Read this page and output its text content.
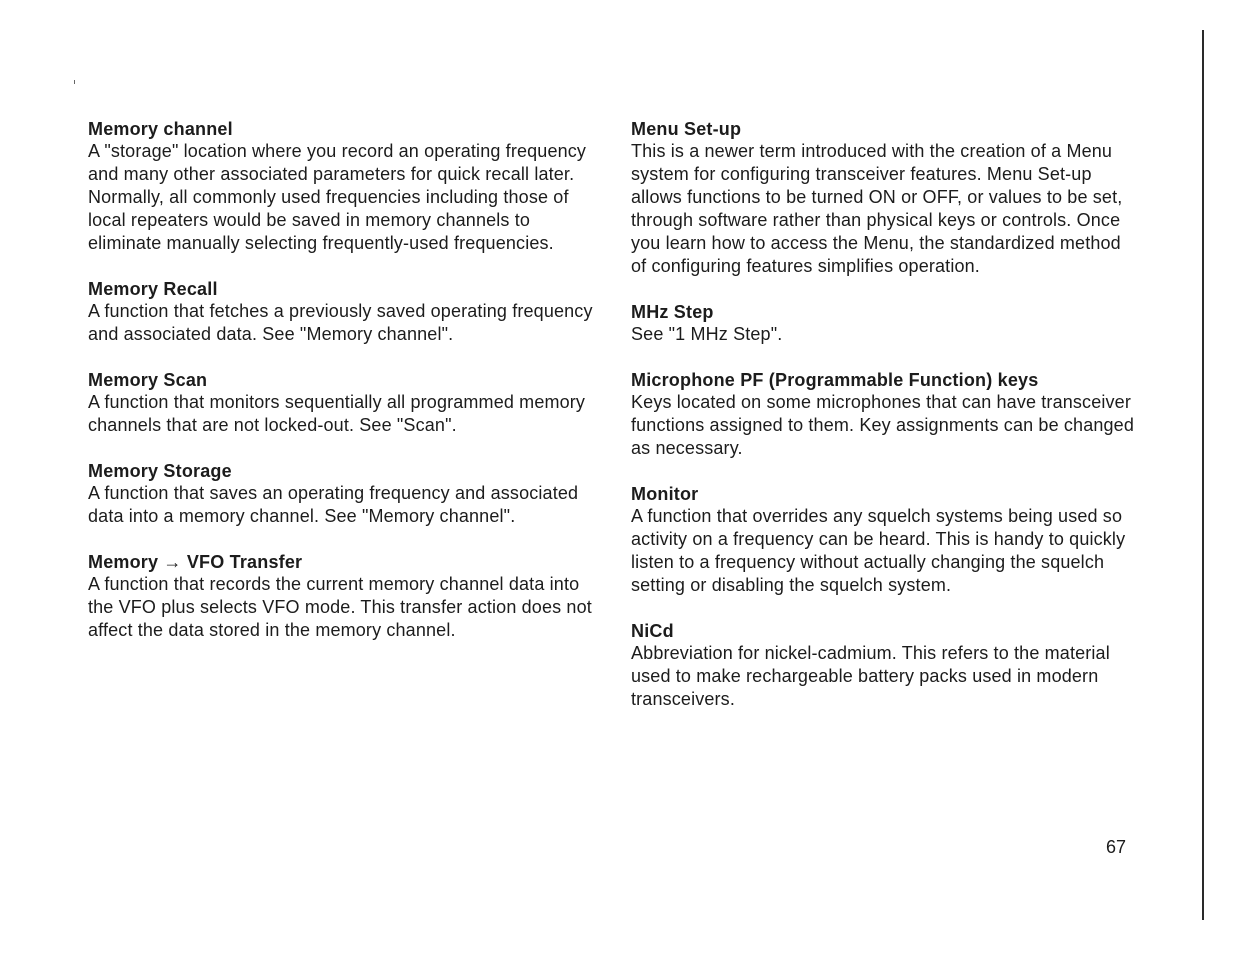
Memory channel

A "storage" location where you record an operating frequency and many other associated parameters for quick recall later. Normally, all commonly used frequencies including those of local repeaters would be saved in memory channels to eliminate manually selecting frequently-used frequencies.

Memory Recall

A function that fetches a previously saved operating frequency and associated data. See "Memory channel".

Memory Scan

A function that monitors sequentially all programmed memory channels that are not locked-out. See "Scan".

Memory Storage

A function that saves an operating frequency and associated data into a memory channel. See "Memory channel".

Memory → VFO Transfer

A function that records the current memory channel data into the VFO plus selects VFO mode. This transfer action does not affect the data stored in the memory channel.

Menu Set-up

This is a newer term introduced with the creation of a Menu system for configuring transceiver features. Menu Set-up allows functions to be turned ON or OFF, or values to be set, through software rather than physical keys or controls. Once you learn how to access the Menu, the standardized method of configuring features simplifies operation.

MHz Step

See "1 MHz Step".

Microphone PF (Programmable Function) keys

Keys located on some microphones that can have transceiver functions assigned to them. Key assignments can be changed as necessary.

Monitor

A function that overrides any squelch systems being used so activity on a frequency can be heard. This is handy to quickly listen to a frequency without actually changing the squelch setting or disabling the squelch system.

NiCd

Abbreviation for nickel-cadmium. This refers to the material used to make rechargeable battery packs used in modern transceivers.

67
